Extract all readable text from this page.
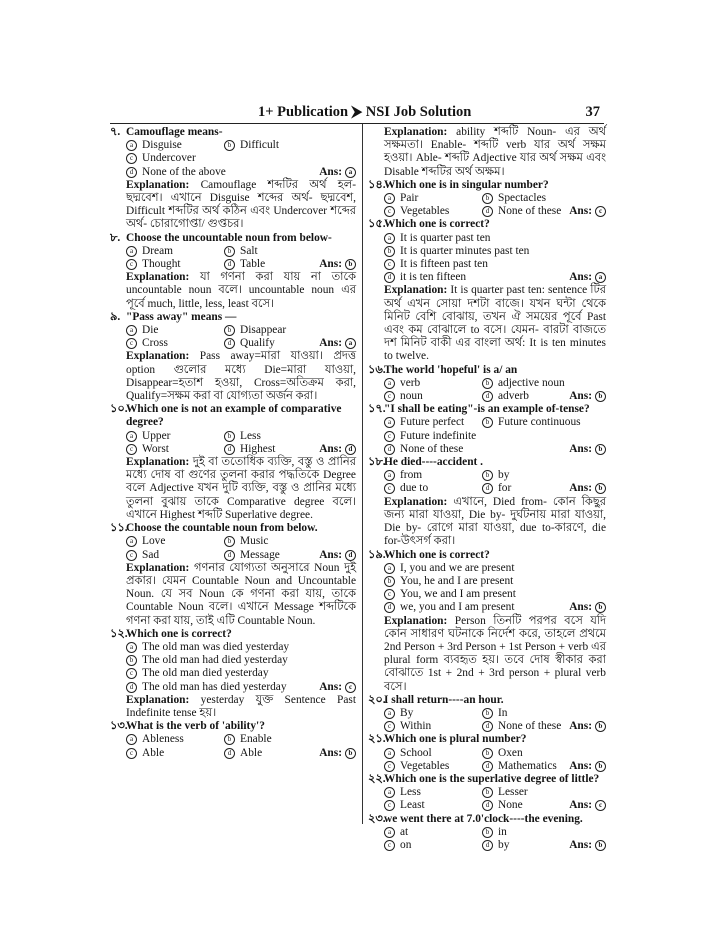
1+ Publication ⮞ NSI Job Solution	37
৭. Camouflage means-
a Disguise	b Difficult
c Undercover
d None of the above	Ans: a

Explanation: Camouflage শব্দটির অর্থ হল- ছদ্মবেশ। এখানে Disguise শব্দের অর্থ- ছদ্মবেশ, Difficult শব্দটির অর্থ কঠিন এবং Undercover শব্দের অর্থ- চোরাগোপ্তা/ গুপ্তচর।

৮. Choose the uncountable noun from below-
a Dream	b Salt
c Thought	d Table	Ans: b

Explanation: যা গণনা করা যায় না তাকে uncountable noun বলে। uncountable noun এর পূর্বে much, little, less, least বসে।

৯. "Pass away" means —
a Die	b Disappear
c Cross	d Qualify	Ans: a

Explanation: Pass away=মারা যাওয়া। প্রদত্ত option গুলোর মধ্যে Die=মারা যাওয়া, Disappear=হতাশ হওয়া, Cross=অতিক্রম করা, Qualify=সক্ষম করা বা যোগ্যতা অর্জন করা।

১০.
Which one is not an example of comparative degree?
a Upper	b Less
c Worst	d Highest	Ans: d

Explanation: দুই বা ততোধিক ব্যক্তি, বস্তু ও প্রানির মধ্যে দোষ বা গুণের তুলনা করার পদ্ধতিকে Degree বলে Adjective যখন দুটি ব্যক্তি, বস্তু ও প্রানির মধ্যে তুলনা বুঝায় তাকে Comparative degree বলে। এখানে Highest শব্দটি Superlative degree.

১১.
Choose the countable noun from below.
a Love	b Music
c Sad	d Message	Ans: d

Explanation: গণনার যোগ্যতা অনুসারে Noun দুই প্রকার। যেমন Countable Noun and Uncountable Noun. যে সব Noun কে গণনা করা যায়, তাকে Countable Noun বলে। এখানে Message শব্দটিকে গণনা করা যায়, তাই এটি Countable Noun.

১২.
Which one is correct?
a The old man was died yesterday
b The old man had died yesterday
c The old man died yesterday
d The old man has died yesterday	Ans: c

Explanation: yesterday যুক্ত Sentence Past Indefinite tense হয়।

১৩.
What is the verb of 'ability'?
a Ableness	b Enable
c Able	d Able	Ans: b

Explanation: ability শব্দটি Noun- এর অর্থ সক্ষমতা। Enable- শব্দটি verb যার অর্থ সক্ষম হওয়া। Able- শব্দটি Adjective যার অর্থ সক্ষম এবং Disable শব্দটির অর্থ অক্ষম।

১৪.
Which one is in singular number?
a Pair	b Spectacles
c Vegetables	d None of these Ans: c
১৫.
Which one is correct?
a It is quarter past ten
b It is quarter minutes past ten
c It is fifteen past ten
d it is ten fifteen	Ans: a

Explanation: It is quarter past ten: sentence টির অর্থ এখন সোয়া দশটা বাজে। যখন ঘন্টা থেকে মিনিট বেশি বোঝায়, তখন ঐ সময়ের পূর্বে Past এবং কম বোঝালে to বসে। যেমন- বারটা বাজতে দশ মিনিট বাকী এর বাংলা অর্থ: It is ten minutes to twelve.

১৬.
The world 'hopeful' is a/ an
a verb	b adjective noun
c noun	d adverb	Ans: b
১৭.
"I shall be eating"-is an example of-tense?
a Future perfect	b Future continuous
c Future indefinite
d None of these	Ans: b
১৮.
He died----accident .
a from	b by
c due to	d for	Ans: b

Explanation: এখানে, Died from- কোন কিছুর জন্য মারা যাওয়া, Die by- দুর্ঘটনায় মারা যাওয়া, Die by- রোগে মারা যাওয়া, due to-কারণে, die for-উৎসর্গ করা।

১৯.
Which one is correct?
a I, you and we are present
b You, he and I are present
c You, we and I am present
d we, you and I am present	Ans: b

Explanation: Person তিনটি পরপর বসে যদি কোন সাধারণ ঘটনাকে নির্দেশ করে, তাহলে প্রথমে 2nd Person + 3rd Person + 1st Person + verb এর plural form ব্যবহৃত হয়। তবে দোষ স্বীকার করা বোঝাতে 1st + 2nd + 3rd person + plural verb বসে।

২০.
I shall return----an hour.
a By	b In
c Within	d None of these Ans: b
২১.
Which one is plural number?
a School	b Oxen
c Vegetables	d Mathematics Ans: b
২২.
Which one is the superlative degree of little?
a Less	b Lesser
c Least	d None	Ans: c
২৩.
we went there at 7.0'clock----the evening.
a at	b in
c on	d by	Ans: b
